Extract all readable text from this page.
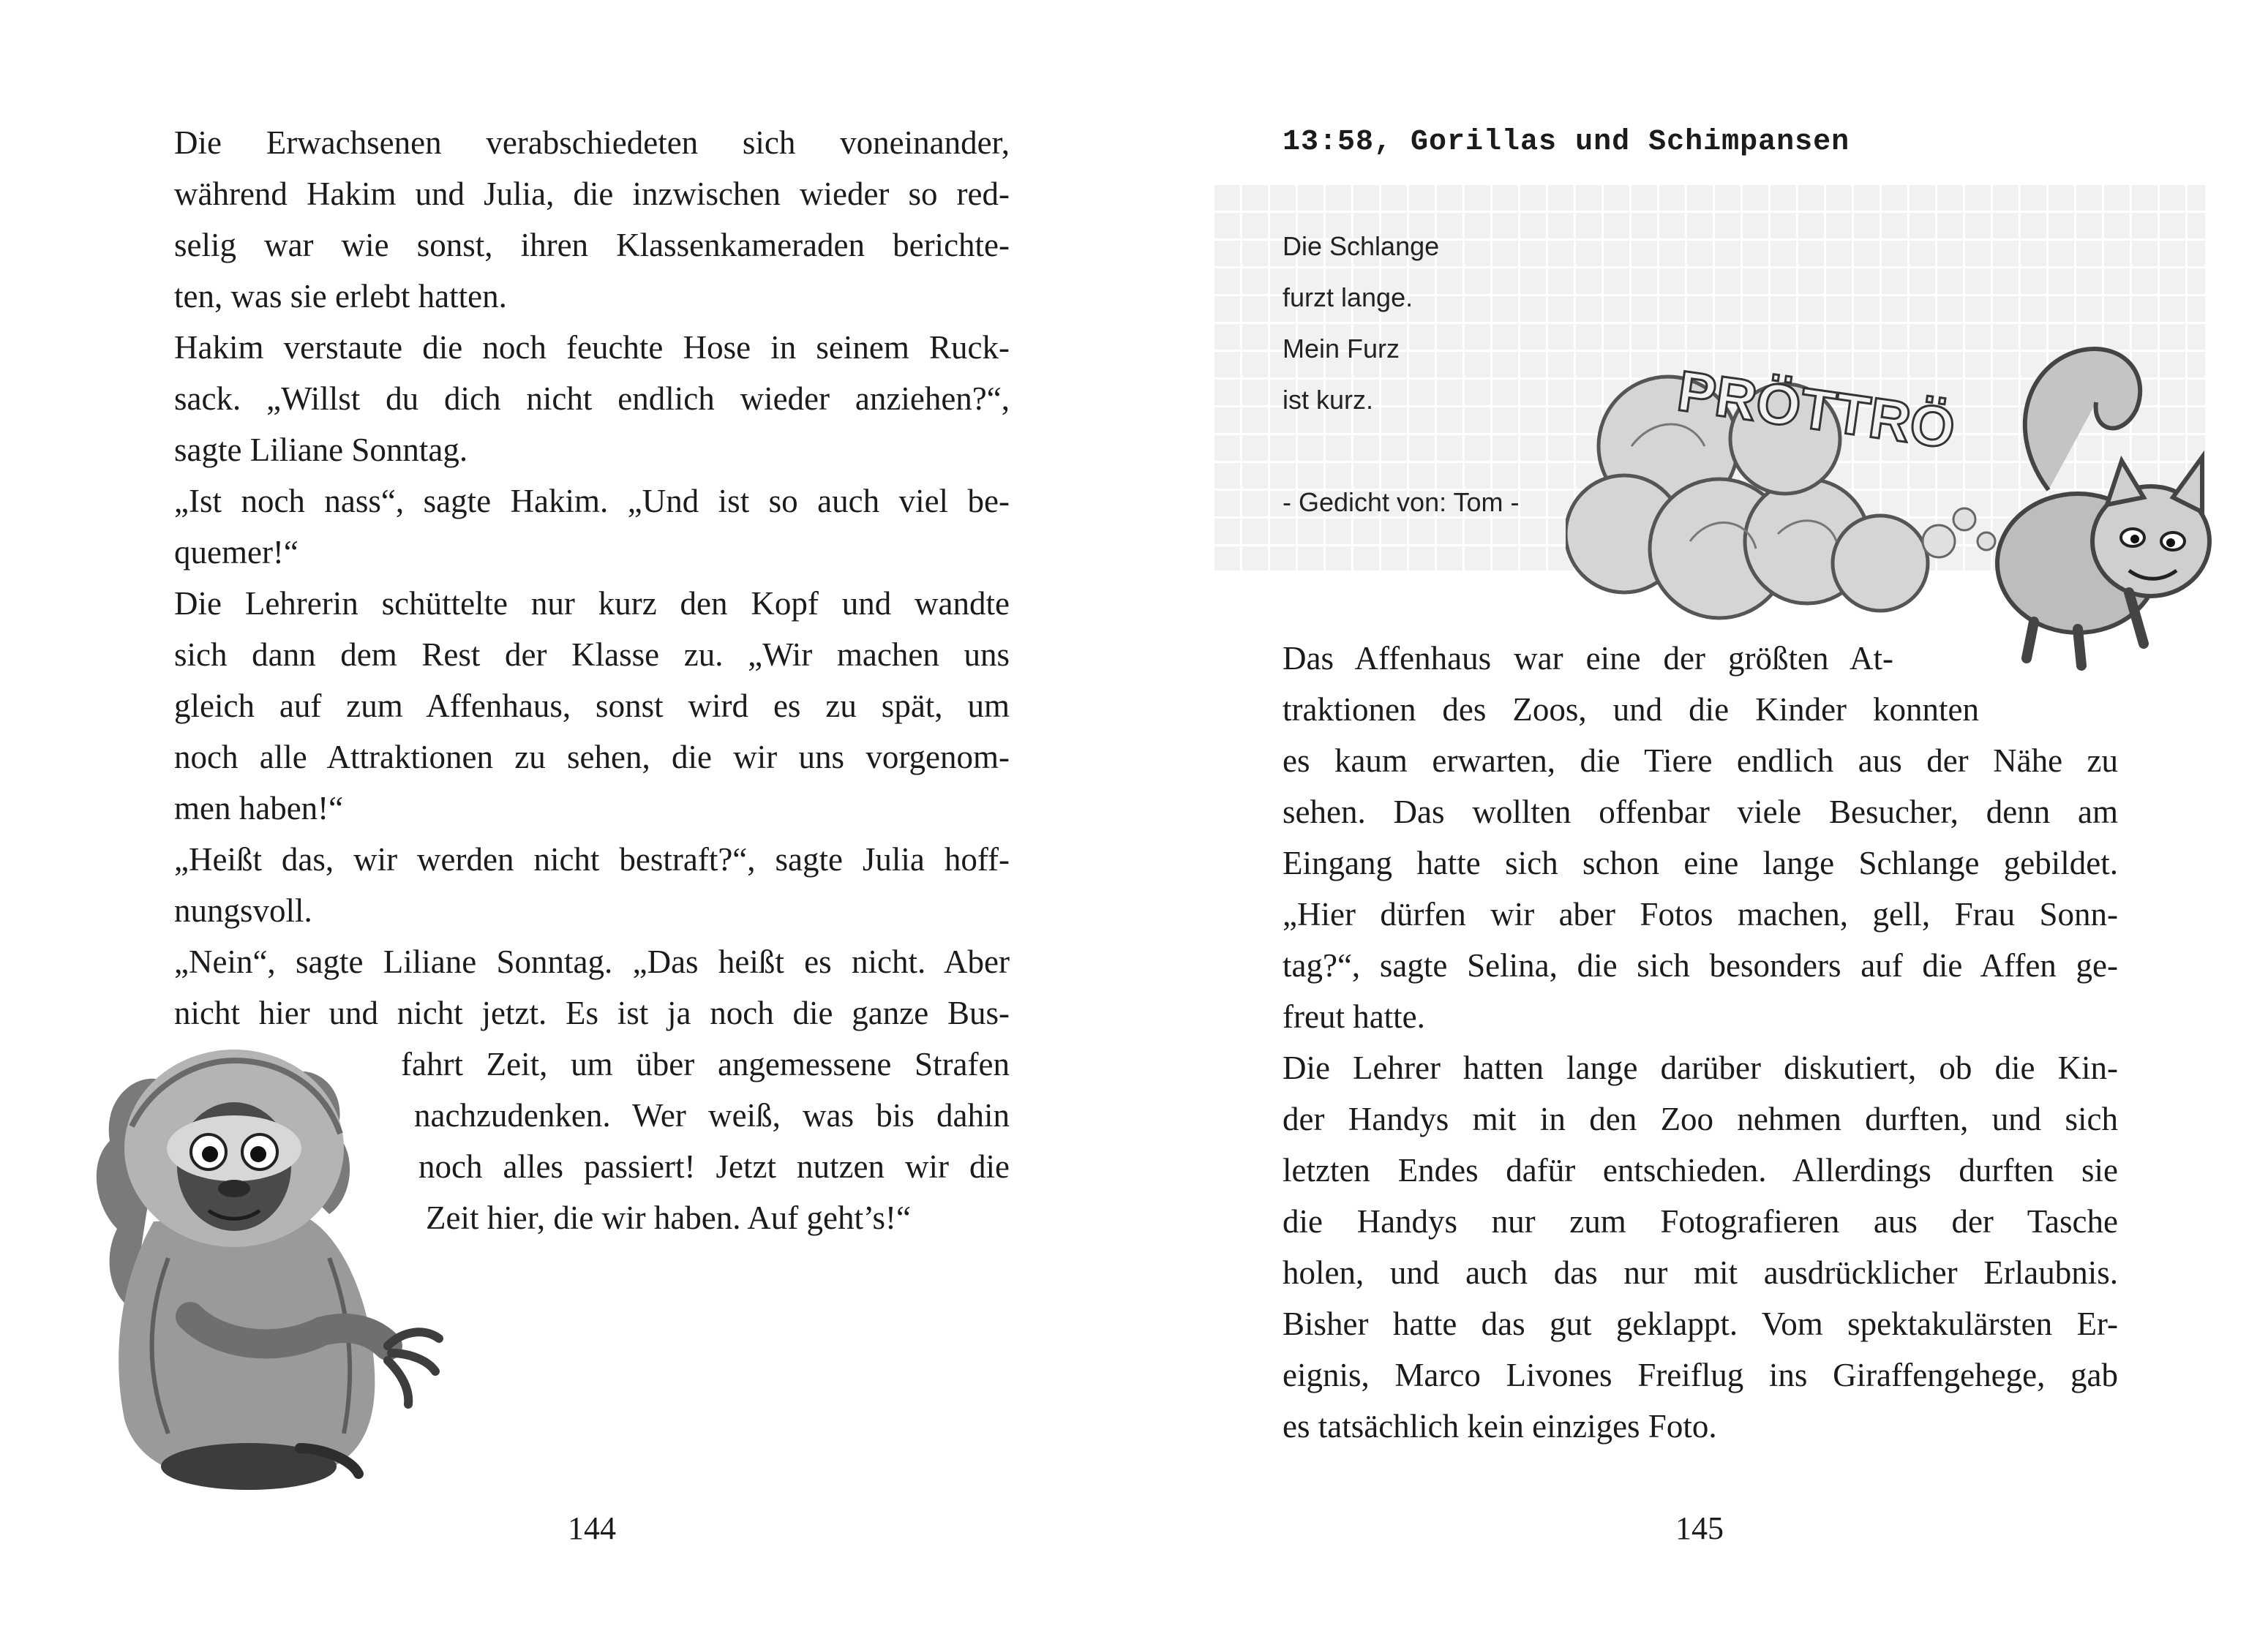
Die Erwachsenen verabschiedeten sich voneinander,

während Hakim und Julia, die inzwischen wieder so red-

selig war wie sonst, ihren Klassenkameraden berichte-

ten, was sie erlebt hatten.

Hakim verstaute die noch feuchte Hose in seinem Ruck-

sack. „Willst du dich nicht endlich wieder anziehen?“,

sagte Liliane Sonntag.

„Ist noch nass“, sagte Hakim. „Und ist so auch viel be-

quemer!“

Die Lehrerin schüttelte nur kurz den Kopf und wandte

sich dann dem Rest der Klasse zu. „Wir machen uns

gleich auf zum Affenhaus, sonst wird es zu spät, um

noch alle Attraktionen zu sehen, die wir uns vorgenom-

men haben!“

„Heißt das, wir werden nicht bestraft?“, sagte Julia hoff-

nungsvoll.

„Nein“, sagte Liliane Sonntag. „Das heißt es nicht. Aber

nicht hier und nicht jetzt. Es ist ja noch die ganze Bus-

fahrt Zeit, um über angemessene Strafen

nachzudenken. Wer weiß, was bis dahin

noch alles passiert! Jetzt nutzen wir die

Zeit hier, die wir haben. Auf geht’s!“

144

13:58, Gorillas und Schimpansen

Die Schlange

furzt lange.

Mein Furz

ist kurz.

- Gedicht von: Tom -

PRÖTTRÖ

Das Affenhaus war eine der größten At-

traktionen des Zoos, und die Kinder konnten

es kaum erwarten, die Tiere endlich aus der Nähe zu

sehen. Das wollten offenbar viele Besucher, denn am

Eingang hatte sich schon eine lange Schlange gebildet.

„Hier dürfen wir aber Fotos machen, gell, Frau Sonn-

tag?“, sagte Selina, die sich besonders auf die Affen ge-

freut hatte.

Die Lehrer hatten lange darüber diskutiert, ob die Kin-

der Handys mit in den Zoo nehmen durften, und sich

letzten Endes dafür entschieden. Allerdings durften sie

die Handys nur zum Fotografieren aus der Tasche

holen, und auch das nur mit ausdrücklicher Erlaubnis.

Bisher hatte das gut geklappt. Vom spektakulärsten Er-

eignis, Marco Livones Freiflug ins Giraffengehege, gab

es tatsächlich kein einziges Foto.

145
